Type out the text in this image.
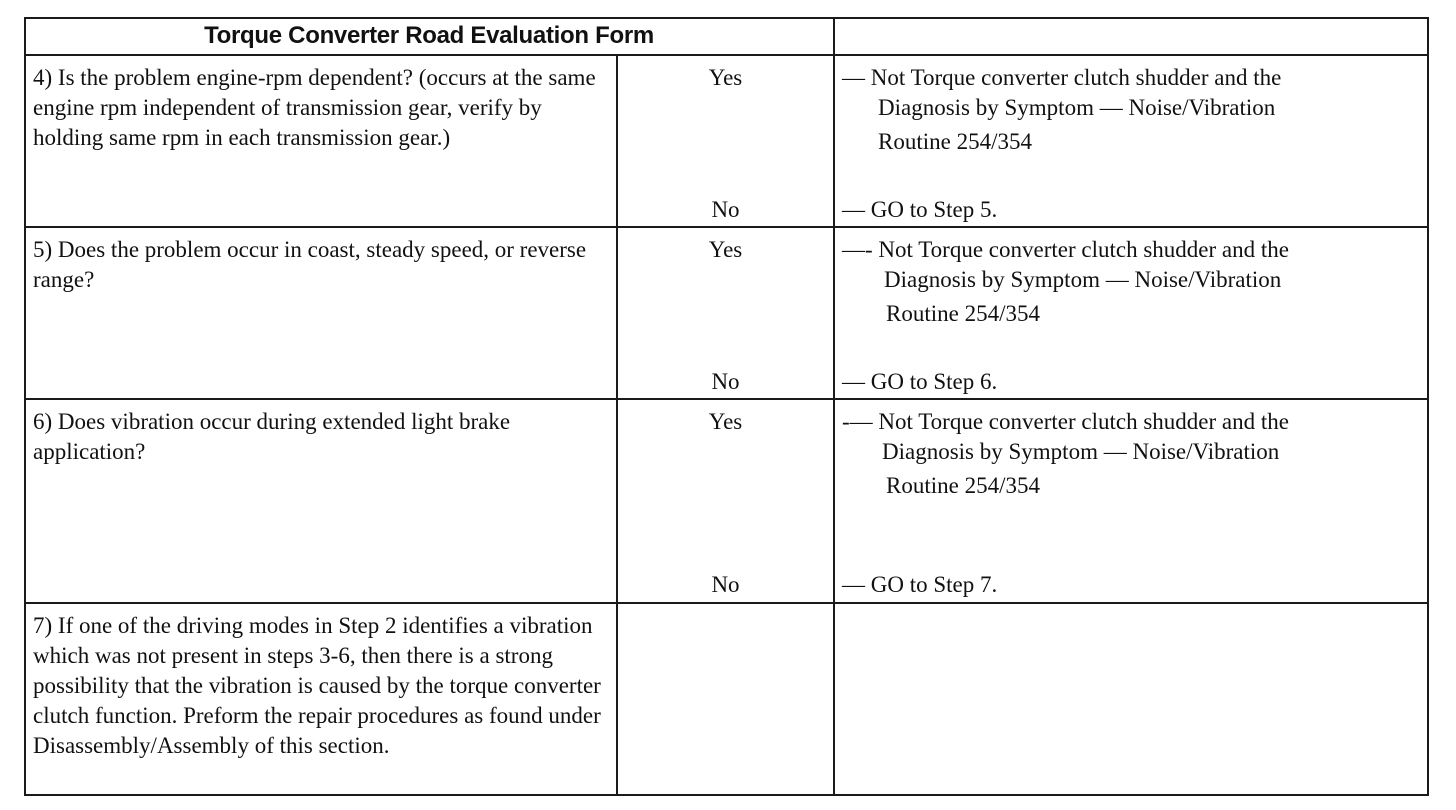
Torque Converter Road Evaluation Form
4) Is the problem engine-rpm dependent? (occurs at the same engine rpm independent of transmission gear, verify by holding same rpm in each transmission gear.)
Yes	— Not Torque converter clutch shudder and the
Diagnosis by Symptom — Noise/Vibration
Routine 254/354
No	— GO to Step 5.
5) Does the problem occur in coast, steady speed, or reverse range?
Yes	—- Not Torque converter clutch shudder and the
Diagnosis by Symptom — Noise/Vibration
Routine 254/354
No	— GO to Step 6.
6) Does vibration occur during extended light brake application?
Yes	-— Not Torque converter clutch shudder and the
Diagnosis by Symptom — Noise/Vibration
Routine 254/354
No	— GO to Step 7.
7) If one of the driving modes in Step 2 identifies a vibration which was not present in steps 3-6, then there is a strong possibility that the vibration is caused by the torque converter clutch function. Preform the repair procedures as found under Disassembly/Assembly of this section.
